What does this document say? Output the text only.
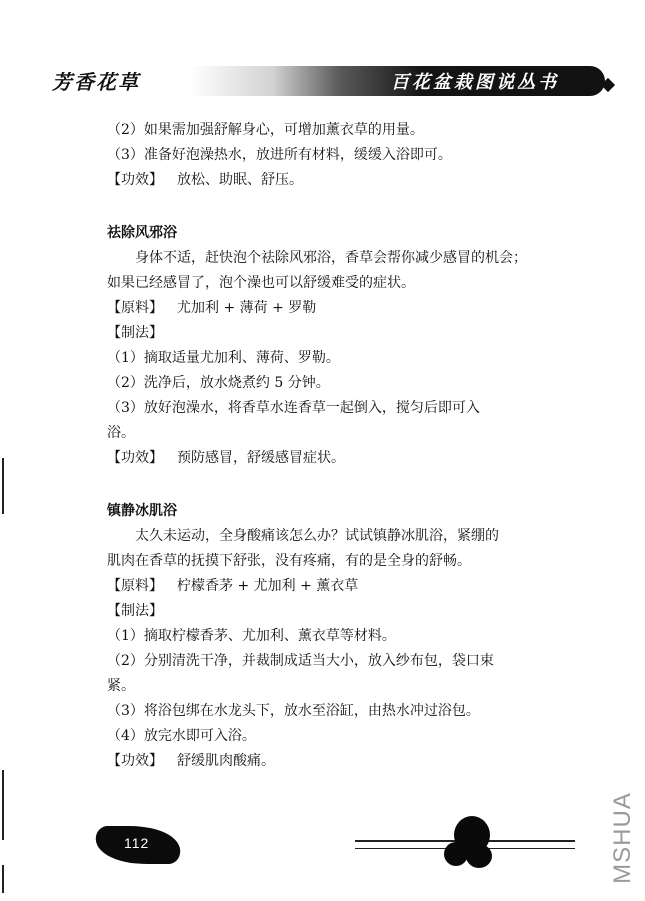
芳香花草	百花盆栽图说丛书

（2）如果需加强舒解身心，可增加薰衣草的用量。

（3）准备好泡澡热水，放进所有材料，缓缓入浴即可。

【功效】 放松、助眠、舒压。

祛除风邪浴

身体不适，赶快泡个祛除风邪浴，香草会帮你减少感冒的机会；

如果已经感冒了，泡个澡也可以舒缓难受的症状。

【原料】 尤加利 + 薄荷 + 罗勒

【制法】

（1）摘取适量尤加利、薄荷、罗勒。

（2）洗净后，放水烧煮约 5 分钟。

（3）放好泡澡水，将香草水连香草一起倒入，搅匀后即可入

浴。

【功效】 预防感冒，舒缓感冒症状。

镇静冰肌浴

太久未运动，全身酸痛该怎么办？试试镇静冰肌浴，紧绷的

肌肉在香草的抚摸下舒张，没有疼痛，有的是全身的舒畅。

【原料】 柠檬香茅 + 尤加利 + 薰衣草

【制法】

（1）摘取柠檬香茅、尤加利、薰衣草等材料。

（2）分别清洗干净，并裁制成适当大小，放入纱布包，袋口束

紧。

（3）将浴包绑在水龙头下，放水至浴缸，由热水冲过浴包。

（4）放完水即可入浴。

【功效】 舒缓肌肉酸痛。

112	MSHUA
